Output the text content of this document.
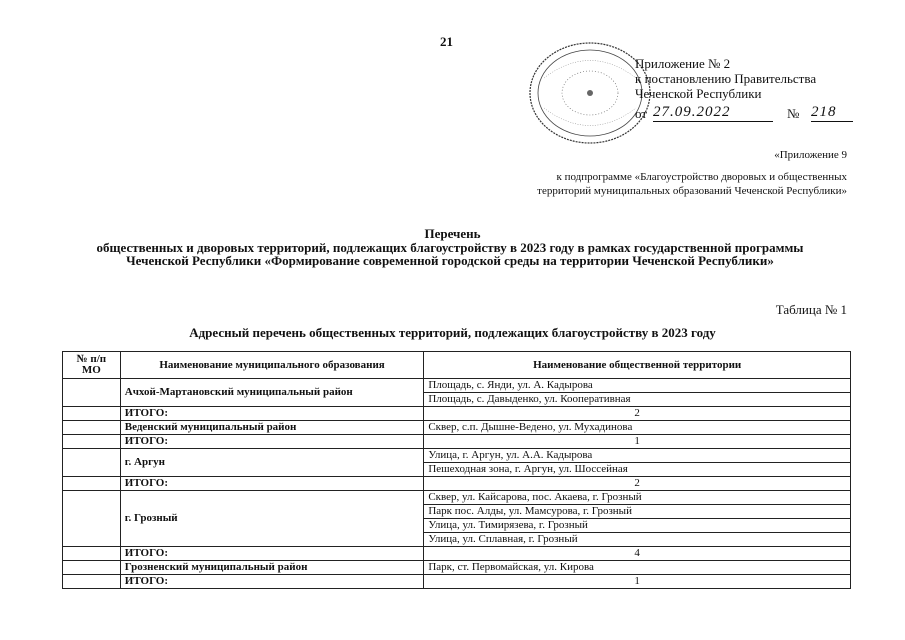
21
Приложение № 2
к постановлению Правительства
Чеченской Республики
от 27.09.2022	№ 218
«Приложение 9
к подпрограмме «Благоустройство дворовых и общественных
территорий муниципальных образований Чеченской Республики»
Перечень
общественных и дворовых территорий, подлежащих благоустройству в 2023 году в рамках государственной программы Чеченской Республики «Формирование современной городской среды на территории Чеченской Республики»
Таблица № 1
Адресный перечень общественных территорий, подлежащих благоустройству в 2023 году
№ п/п МО	Наименование муниципального образования	Наименование общественной территории
	Ачхой-Мартановский муниципальный район	Площадь, с. Янди, ул. А. Кадырова
		Площадь, с. Давыденко, ул. Кооперативная
	ИТОГО:	2
	Веденский муниципальный район	Сквер, с.п. Дышне-Ведено, ул. Мухадинова
	ИТОГО:	1
	г. Аргун	Улица, г. Аргун, ул. А.А. Кадырова
		Пешеходная зона, г. Аргун, ул. Шоссейная
	ИТОГО:	2
	г. Грозный	Сквер, ул. Кайсарова, пос. Акаева, г. Грозный
		Парк пос. Алды, ул. Мамсурова, г. Грозный
		Улица, ул. Тимирязева, г. Грозный
		Улица, ул. Сплавная, г. Грозный
	ИТОГО:	4
	Грозненский муниципальный район	Парк, ст. Первомайская, ул. Кирова
	ИТОГО:	1
